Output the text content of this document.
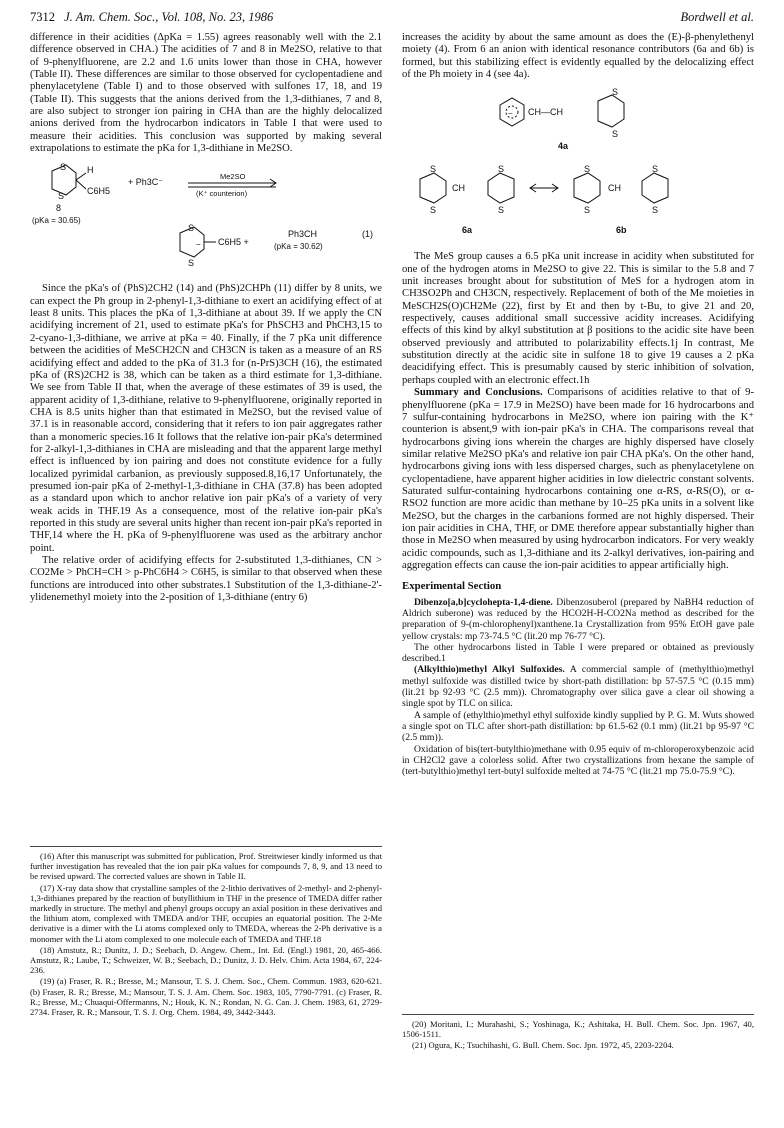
7312 J. Am. Chem. Soc., Vol. 108, No. 23, 1986	Bordwell et al.

difference in their acidities (ΔpKa = 1.55) agrees reasonably well with the 2.1 difference observed in CHA.) The acidities of 7 and 8 in Me2SO, relative to that of 9-phenylfluorene, are 2.2 and 1.6 units lower than those in CHA, however (Table II). These differences are similar to those observed for cyclopentadiene and phenylacetylene (Table I) and to those observed with sulfones 17, 18, and 19 (Table II). This suggests that the anions derived from the 1,3-dithianes, 7 and 8, are also subject to stronger ion pairing in CHA than are the highly delocalized anions derived from the hydrocarbon indicators in Table I that were used to measure their acidities. This conclusion was supported by making several extrapolations to estimate the pKa for 1,3-dithiane in Me2SO.

S
S
H
C6H5
+ Ph3C⁻
Me2SO
(K⁺ counterion)
8
(pKa = 30.65)
S
S
− C6H5 +
Ph3CH
(pKa = 30.62)
(1)

Since the pKa's of (PhS)2CH2 (14) and (PhS)2CHPh (11) differ by 8 units, we can expect the Ph group in 2-phenyl-1,3-dithiane to exert an acidifying effect of at least 8 units. This places the pKa of 1,3-dithiane at about 39. If we apply the CN acidifying increment of 21, used to estimate pKa's for PhSCH3 and PhCH3,15 to 2-cyano-1,3-dithiane, we arrive at pKa = 40. Finally, if the 7 pKa unit difference between the acidities of MeSCH2CN and CH3CN is taken as a measure of an RS acidifying effect and added to the pKa of 31.3 for (n-PrS)3CH (16), the estimated pKa of (RS)2CH2 is 38, which can be taken as a third estimate for 1,3-dithiane. We see from Table II that, when the average of these estimates of 39 is used, the apparent acidity of 1,3-dithiane, relative to 9-phenylfluorene, originally reported in CHA is 8.5 units higher than that estimated in Me2SO, but the revised value of 37.1 is in reasonable accord, considering that it refers to ion pair aggregates rather than a monomeric species.16 It follows that the relative ion-pair pKa's determined for 2-alkyl-1,3-dithianes in CHA are misleading and that the apparent large methyl effect is influenced by ion pairing and does not constitute evidence for a fully localized pyrimidal carbanion, as previously supposed.8,16,17 Unfortunately, the presumed ion-pair pKa of 2-methyl-1,3-dithiane in CHA (37.8) has been adopted as a standard upon which to anchor relative ion pair pKa's of a variety of very weak acids in THF.19 As a consequence, most of the relative ion-pair pKa's reported in this study are several units higher than recent ion-pair pKa's reported in THF,14 where the H. pKa of 9-phenylfluorene was used as the arbitrary anchor point.

The relative order of acidifying effects for 2-substituted 1,3-dithianes, CN > CO2Me > PhCH=CH > p-PhC6H4 > C6H5, is similar to that observed when these functions are introduced into other substrates.1 Substitution of the 1,3-dithiane-2'-ylidenemethyl moiety into the 2-position of 1,3-dithiane (entry 6)

(16) After this manuscript was submitted for publication, Prof. Streitwieser kindly informed us that further investigation has revealed that the ion pair pKa values for compounds 7, 8, 9, and 13 need to be revised upward. The corrected values are shown in Table II.

(17) X-ray data show that crystalline samples of the 2-lithio derivatives of 2-methyl- and 2-phenyl-1,3-dithianes prepared by the reaction of butyllithium in THF in the presence of TMEDA differ rather markedly in structure. The methyl and phenyl groups occupy an axial position in these derivatives and the lithium atom, complexed with TMEDA and/or THF, occupies an equatorial position. The 2-Me derivative is a dimer with the Li atoms complexed only to TMEDA, whereas the 2-Ph derivative is a monomer with the Li atom complexed to one molecule each of TMEDA and THF.18

(18) Amstutz, R.; Dunitz, J. D.; Seebach, D. Angew. Chem., Int. Ed. (Engl.) 1981, 20, 465-466. Amstutz, R.; Laube, T.; Schweizer, W. B.; Seebach, D.; Dunitz, J. D. Helv. Chim. Acta 1984, 67, 224-236.

(19) (a) Fraser, R. R.; Bresse, M.; Mansour, T. S. J. Chem. Soc., Chem. Commun. 1983, 620-621. (b) Fraser, R. R.; Bresse, M.; Mansour, T. S. J. Am. Chem. Soc. 1983, 105, 7790-7791. (c) Fraser, R. R.; Bresse, M.; Chuaqui-Offermanns, N.; Houk, K. N.; Rondan, N. G. Can. J. Chem. 1983, 61, 2729-2734. Fraser, R. R.; Mansour, T. S. J. Org. Chem. 1984, 49, 3442-3443.

increases the acidity by about the same amount as does the (E)-β-phenylethenyl moiety (4). From 6 an anion with identical resonance contributors (6a and 6b) is formed, but this stabilizing effect is evidently equalled by the delocalizing effect of the Ph moiety in 4 (see 4a).

− CH—CH
S
S
4a
S
S
CH
S
S
S
S
CH
S
S
6a	6b

The MeS group causes a 6.5 pKa unit increase in acidity when substituted for one of the hydrogen atoms in Me2SO to give 22. This is similar to the 5.8 and 7 unit increases brought about for substitution of MeS for a hydrogen atom in CH3SO2Ph and CH3CN, respectively. Replacement of both of the Me moieties in MeSCH2S(O)CH2Me (22), first by Et and then by t-Bu, to give 21 and 20, respectively, causes additional small successive acidity increases. Acidifying effects of this kind by alkyl substitution at β positions to the acidic site have been observed previously and attributed to polarizability effects.1j In contrast, Me substitution directly at the acidic site in sulfone 18 to give 19 causes a 2 pKa deacidifying effect. This is presumably caused by steric inhibition of solvation, perhaps coupled with an electronic effect.1h

Summary and Conclusions. Comparisons of acidities relative to that of 9-phenylfluorene (pKa = 17.9 in Me2SO) have been made for 16 hydrocarbons and 7 sulfur-containing hydrocarbons in Me2SO, where ion pairing with the K⁺ counterion is absent,9 with ion-pair pKa's in CHA. The comparisons reveal that hydrocarbons giving ions wherein the charges are highly dispersed have closely similar relative Me2SO pKa's and relative ion pair CHA pKa's. On the other hand, hydrocarbons giving ions with less dispersed charges, such as phenylacetylene on cyclopentadiene, have apparent higher acidities in low dielectric constant solvents. Saturated sulfur-containing hydrocarbons containing one α-RS, α-RS(O), or α-RSO2 function are more acidic than methane by 10–25 pKa units in a solvent like Me2SO, but the charges in the carbanions formed are not highly dispersed. Their ion pair acidities in CHA, THF, or DME therefore appear substantially higher than those in Me2SO when measured by using hydrocarbon indicators. For very weakly acidic compounds, such as 1,3-dithiane and its 2-alkyl derivatives, ion-pairing and aggregation effects can cause the ion-pair acidities to appear artificially high.

Experimental Section

Dibenzo[a,b]cyclohepta-1,4-diene. Dibenzosuberol (prepared by NaBH4 reduction of Aldrich suberone) was reduced by the HCO2H-H-CO2Na method as described for the preparation of 9-(m-chlorophenyl)xanthene.1a Crystallization from 95% EtOH gave pale yellow crystals: mp 73-74.5 °C (lit.20 mp 76-77 °C).

The other hydrocarbons listed in Table I were prepared or obtained as previously described.1

(Alkylthio)methyl Alkyl Sulfoxides. A commercial sample of (methylthio)methyl methyl sulfoxide was distilled twice by short-path distillation: bp 57-57.5 °C (0.15 mm) (lit.21 bp 92-93 °C (2.5 mm)). Chromatography over silica gave a clear oil showing a single spot by TLC on silica.

A sample of (ethylthio)methyl ethyl sulfoxide kindly supplied by P. G. M. Wuts showed a single spot on TLC after short-path distillation: bp 61.5-62 (0.1 mm) (lit.21 bp 95-97 °C (2.5 mm)).

Oxidation of bis(tert-butylthio)methane with 0.95 equiv of m-chloroperoxybenzoic acid in CH2Cl2 gave a colorless solid. After two crystallizations from hexane the sample of (tert-butylthio)methyl tert-butyl sulfoxide melted at 74-75 °C (lit.21 mp 75.0-75.9 °C).

(20) Moritani, I.; Murahashi, S.; Yoshinaga, K.; Ashitaka, H. Bull. Chem. Soc. Jpn. 1967, 40, 1506-1511.

(21) Ogura, K.; Tsuchihashi, G. Bull. Chem. Soc. Jpn. 1972, 45, 2203-2204.
